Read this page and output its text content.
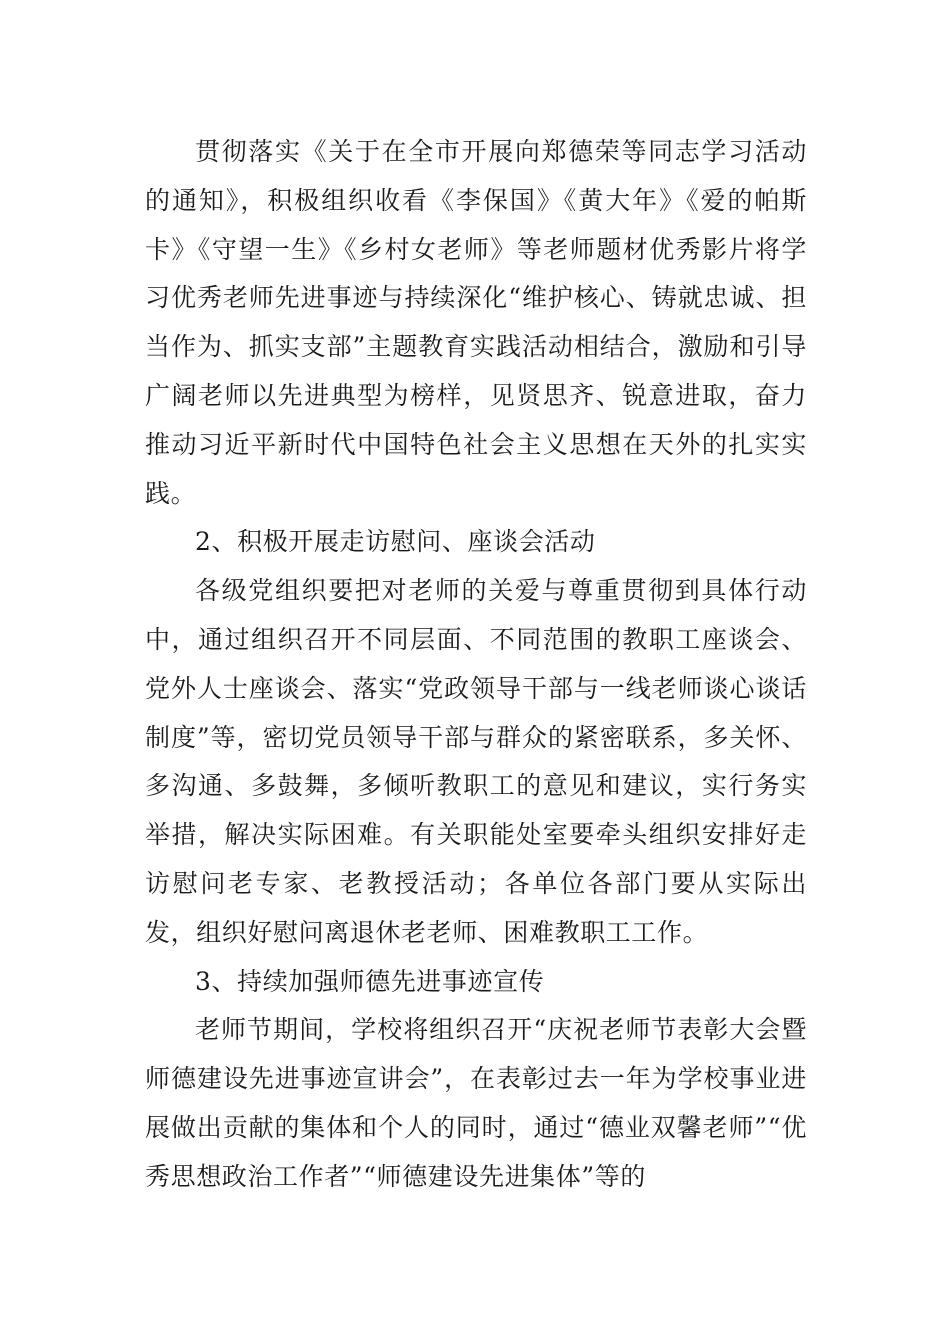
贯彻落实《关于在全市开展向郑德荣等同志学习活动的通知》，积极组织收看《李保国》《黄大年》《爱的帕斯卡》《守望一生》《乡村女老师》等老师题材优秀影片将学习优秀老师先进事迹与持续深化“维护核心、铸就忠诚、担当作为、抓实支部”主题教育实践活动相结合，激励和引导广阔老师以先进典型为榜样，见贤思齐、锐意进取，奋力推动习近平新时代中国特色社会主义思想在天外的扎实实践。

2、积极开展走访慰问、座谈会活动

各级党组织要把对老师的关爱与尊重贯彻到具体行动中，通过组织召开不同层面、不同范围的教职工座谈会、党外人士座谈会、落实“党政领导干部与一线老师谈心谈话制度”等，密切党员领导干部与群众的紧密联系，多关怀、多沟通、多鼓舞，多倾听教职工的意见和建议，实行务实举措，解决实际困难。有关职能处室要牵头组织安排好走访慰问老专家、老教授活动；各单位各部门要从实际出发，组织好慰问离退休老老师、困难教职工工作。

3、持续加强师德先进事迹宣传

老师节期间，学校将组织召开“庆祝老师节表彰大会暨师德建设先进事迹宣讲会”，在表彰过去一年为学校事业进展做出贡献的集体和个人的同时，通过“德业双馨老师”“优秀思想政治工作者”“师德建设先进集体”等的
